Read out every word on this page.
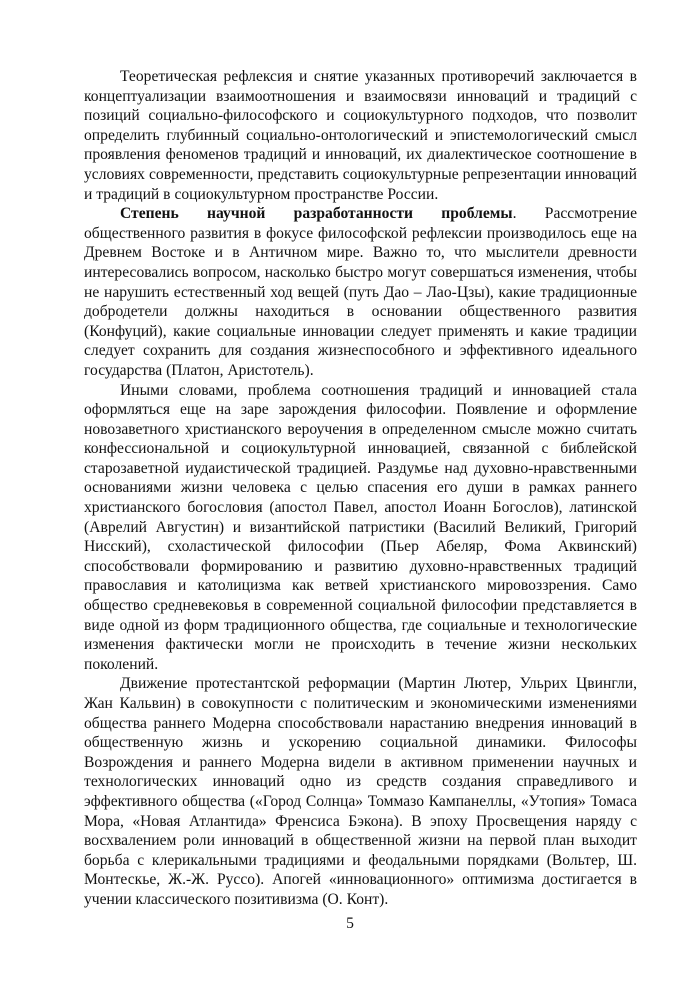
Теоретическая рефлексия и снятие указанных противоречий заключается в концептуализации взаимоотношения и взаимосвязи инноваций и традиций с позиций социально-философского и социокультурного подходов, что позволит определить глубинный социально-онтологический и эпистемологический смысл проявления феноменов традиций и инноваций, их диалектическое соотношение в условиях современности, представить социокультурные репрезентации инноваций и традиций в социокультурном пространстве России.

Степень научной разработанности проблемы. Рассмотрение общественного развития в фокусе философской рефлексии производилось еще на Древнем Востоке и в Античном мире. Важно то, что мыслители древности интересовались вопросом, насколько быстро могут совершаться изменения, чтобы не нарушить естественный ход вещей (путь Дао – Лао-Цзы), какие традиционные добродетели должны находиться в основании общественного развития (Конфуций), какие социальные инновации следует применять и какие традиции следует сохранить для создания жизнеспособного и эффективного идеального государства (Платон, Аристотель).

Иными словами, проблема соотношения традиций и инновацией стала оформляться еще на заре зарождения философии. Появление и оформление новозаветного христианского вероучения в определенном смысле можно считать конфессиональной и социокультурной инновацией, связанной с библейской старозаветной иудаистической традицией. Раздумье над духовно-нравственными основаниями жизни человека с целью спасения его души в рамках раннего христианского богословия (апостол Павел, апостол Иоанн Богослов), латинской (Аврелий Августин) и византийской патристики (Василий Великий, Григорий Нисский), схоластической философии (Пьер Абеляр, Фома Аквинский) способствовали формированию и развитию духовно-нравственных традиций православия и католицизма как ветвей христианского мировоззрения. Само общество средневековья в современной социальной философии представляется в виде одной из форм традиционного общества, где социальные и технологические изменения фактически могли не происходить в течение жизни нескольких поколений.

Движение протестантской реформации (Мартин Лютер, Ульрих Цвингли, Жан Кальвин) в совокупности с политическим и экономическими изменениями общества раннего Модерна способствовали нарастанию внедрения инноваций в общественную жизнь и ускорению социальной динамики. Философы Возрождения и раннего Модерна видели в активном применении научных и технологических инноваций одно из средств создания справедливого и эффективного общества («Город Солнца» Томмазо Кампанеллы, «Утопия» Томаса Мора, «Новая Атлантида» Френсиса Бэкона). В эпоху Просвещения наряду с восхвалением роли инноваций в общественной жизни на первой план выходит борьба с клерикальными традициями и феодальными порядками (Вольтер, Ш. Монтескье, Ж.-Ж. Руссо). Апогей «инновационного» оптимизма достигается в учении классического позитивизма (О. Конт).

5
